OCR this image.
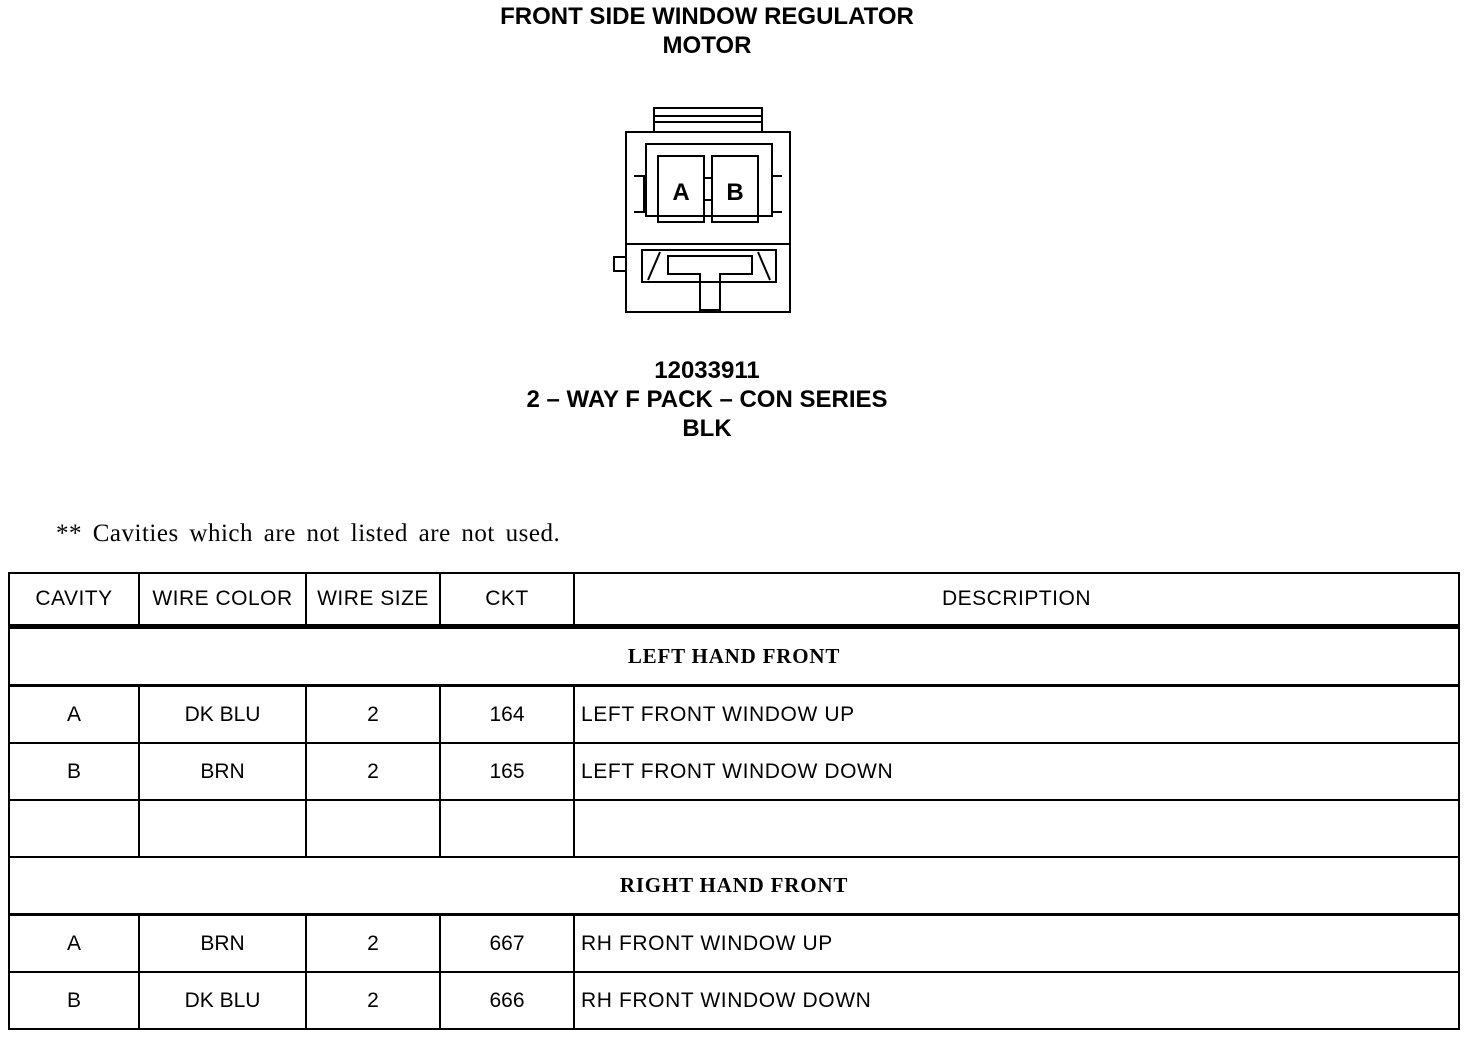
FRONT SIDE WINDOW REGULATOR
MOTOR
A B
12033911
2 – WAY F PACK – CON SERIES
BLK
** Cavities which are not listed are not used.
CAVITY	WIRE COLOR	WIRE SIZE	CKT	DESCRIPTION
LEFT HAND FRONT				
A	DK BLU	2	164	LEFT FRONT WINDOW UP
B	BRN	2	165	LEFT FRONT WINDOW DOWN

RIGHT HAND FRONT				
A	BRN	2	667	RH FRONT WINDOW UP
B	DK BLU	2	666	RH FRONT WINDOW DOWN
